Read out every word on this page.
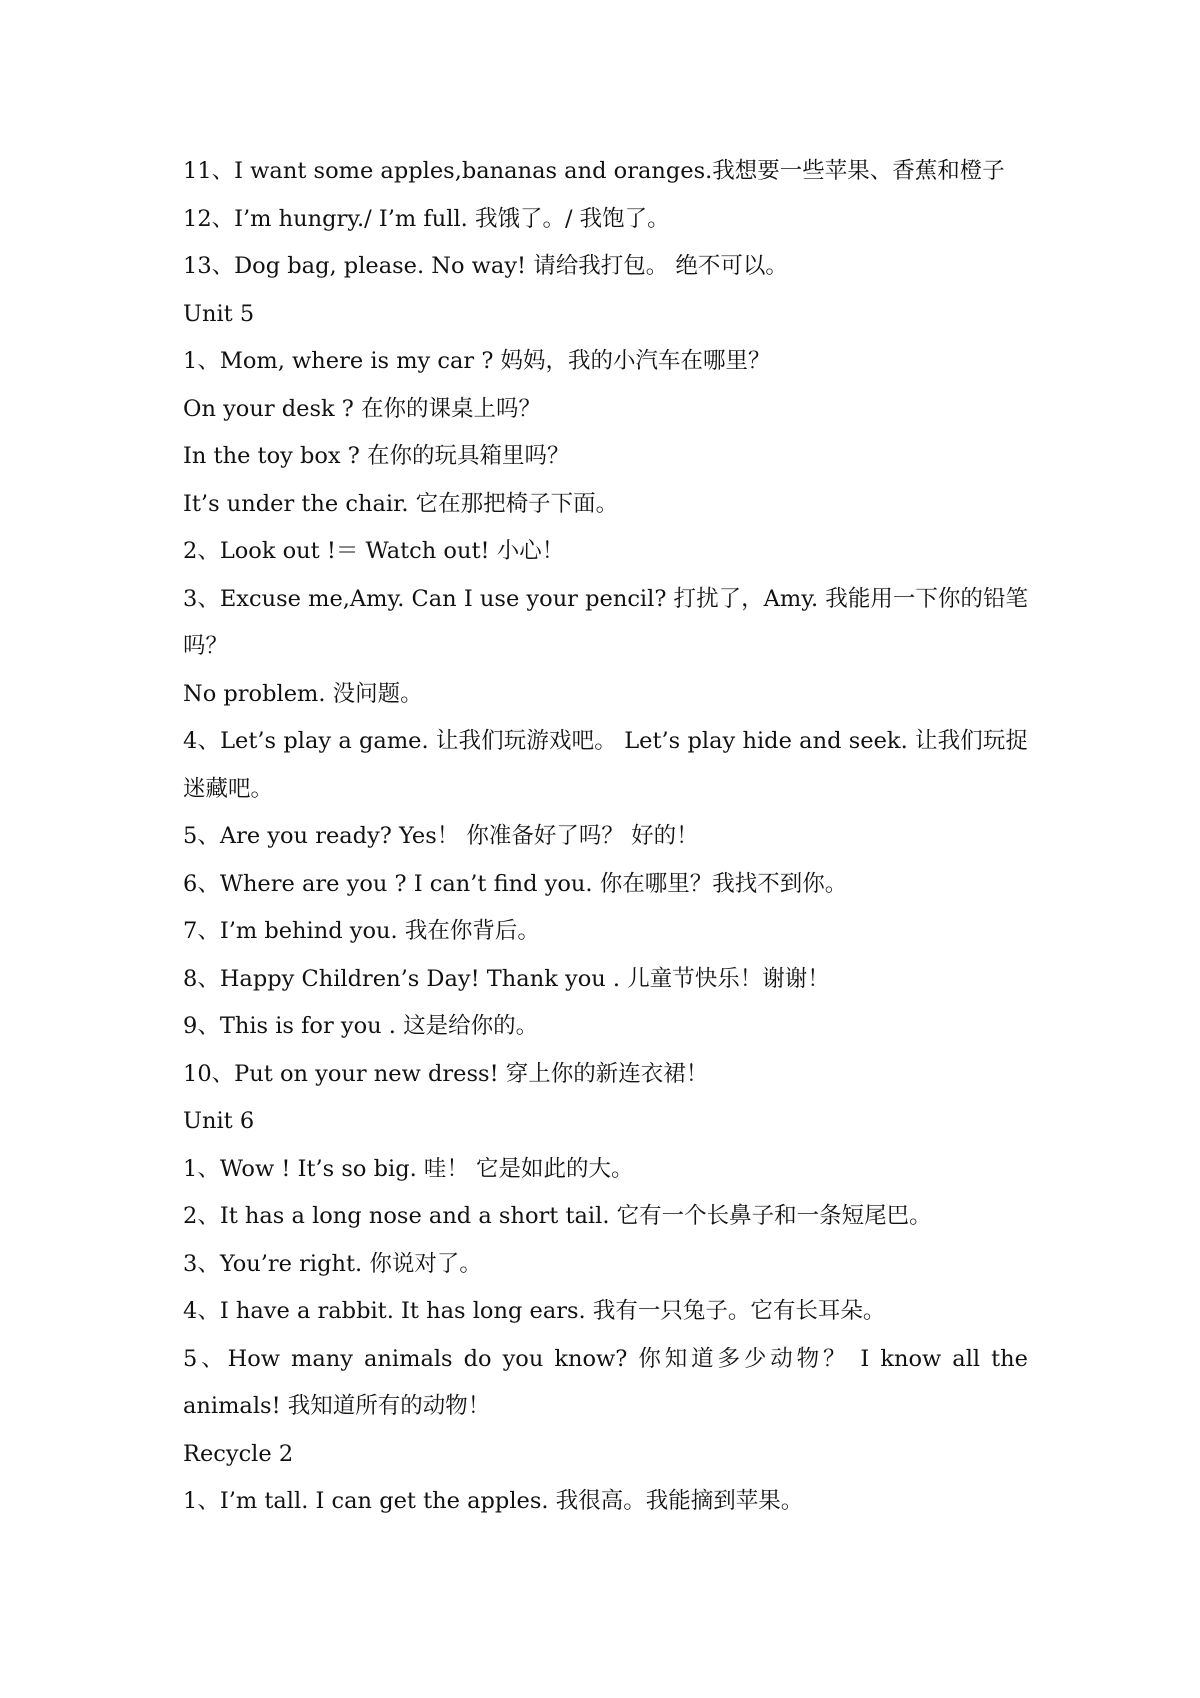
11、I want some apples,bananas and oranges.我想要一些苹果、香蕉和橙子

12、I’m hungry./ I’m full. 我饿了。/ 我饱了。

13、Dog bag, please. No way! 请给我打包。 绝不可以。

Unit 5

1、Mom, where is my car ? 妈妈，我的小汽车在哪里？

On your desk ? 在你的课桌上吗？

In the toy box ? 在你的玩具箱里吗？

It’s under the chair. 它在那把椅子下面。

2、Look out !＝ Watch out! 小心！

3、Excuse me,Amy. Can I use your pencil? 打扰了，Amy. 我能用一下你的铅笔吗？

No problem. 没问题。

4、Let’s play a game. 让我们玩游戏吧。 Let’s play hide and seek. 让我们玩捉迷藏吧。

5、Are you ready? Yes！ 你准备好了吗？ 好的！

6、Where are you ? I can’t find you. 你在哪里？我找不到你。

7、I’m behind you. 我在你背后。

8、Happy Children’s Day! Thank you . 儿童节快乐！谢谢！

9、This is for you . 这是给你的。

10、Put on your new dress! 穿上你的新连衣裙！

Unit 6

1、Wow ! It’s so big. 哇！ 它是如此的大。

2、It has a long nose and a short tail. 它有一个长鼻子和一条短尾巴。

3、You’re right. 你说对了。

4、I have a rabbit. It has long ears. 我有一只兔子。它有长耳朵。

5、How many animals do you know? 你知道多少动物？ I know all the animals! 我知道所有的动物！

Recycle 2

1、I’m tall. I can get the apples. 我很高。我能摘到苹果。
